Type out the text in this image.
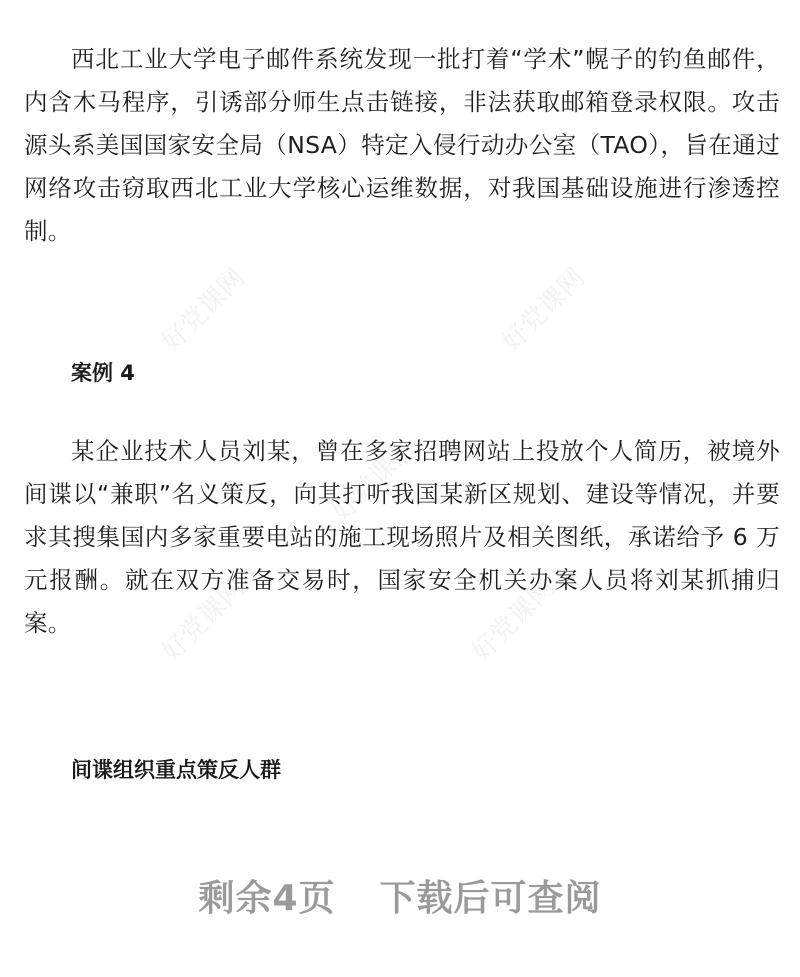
西北工业大学电子邮件系统发现一批打着“学术”幌子的钓鱼邮件，内含木马程序，引诱部分师生点击链接，非法获取邮箱登录权限。攻击源头系美国国家安全局（NSA）特定入侵行动办公室（TAO），旨在通过网络攻击窃取西北工业大学核心运维数据，对我国基础设施进行渗透控制。

案例 4

某企业技术人员刘某，曾在多家招聘网站上投放个人简历，被境外间谍以“兼职”名义策反，向其打听我国某新区规划、建设等情况，并要求其搜集国内多家重要电站的施工现场照片及相关图纸，承诺给予 6 万元报酬。就在双方准备交易时，国家安全机关办案人员将刘某抓捕归案。

间谍组织重点策反人群
好党课网	好党课网
好党课网
好党课网	好党课网
剩余4页 下载后可查阅
